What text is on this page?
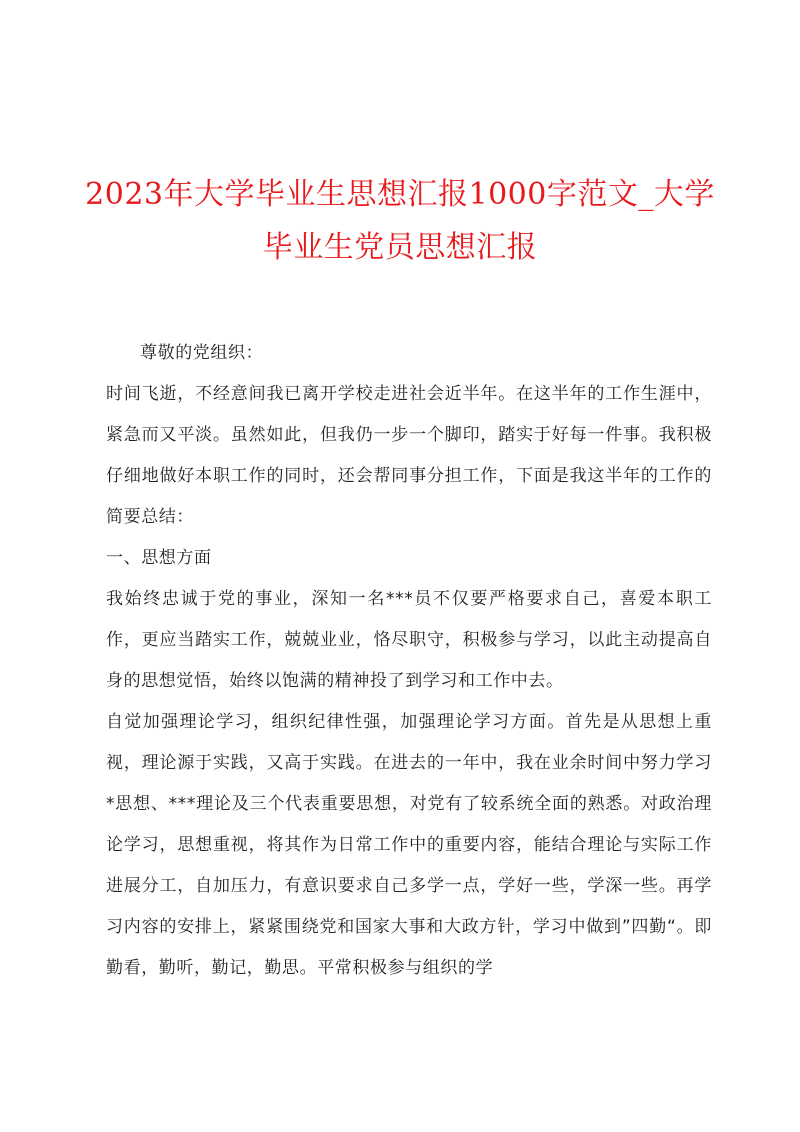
2023年大学毕业生思想汇报1000字范文_大学
毕业生党员思想汇报

尊敬的党组织：

时间飞逝，不经意间我已离开学校走进社会近半年。在这半年的工作生涯中，紧急而又平淡。虽然如此，但我仍一步一个脚印，踏实于好每一件事。我积极仔细地做好本职工作的同时，还会帮同事分担工作，下面是我这半年的工作的简要总结：

一、思想方面

我始终忠诚于党的事业，深知一名***员不仅要严格要求自己，喜爱本职工作，更应当踏实工作，兢兢业业，恪尽职守，积极参与学习，以此主动提高自身的思想觉悟，始终以饱满的精神投了到学习和工作中去。

自觉加强理论学习，组织纪律性强，加强理论学习方面。首先是从思想上重视，理论源于实践，又高于实践。在进去的一年中，我在业余时间中努力学习*思想、***理论及三个代表重要思想，对党有了较系统全面的熟悉。对政治理论学习，思想重视，将其作为日常工作中的重要内容，能结合理论与实际工作进展分工，自加压力，有意识要求自己多学一点，学好一些，学深一些。再学习内容的安排上，紧紧围绕党和国家大事和大政方针，学习中做到”四勤“。即勤看，勤听，勤记，勤思。平常积极参与组织的学
